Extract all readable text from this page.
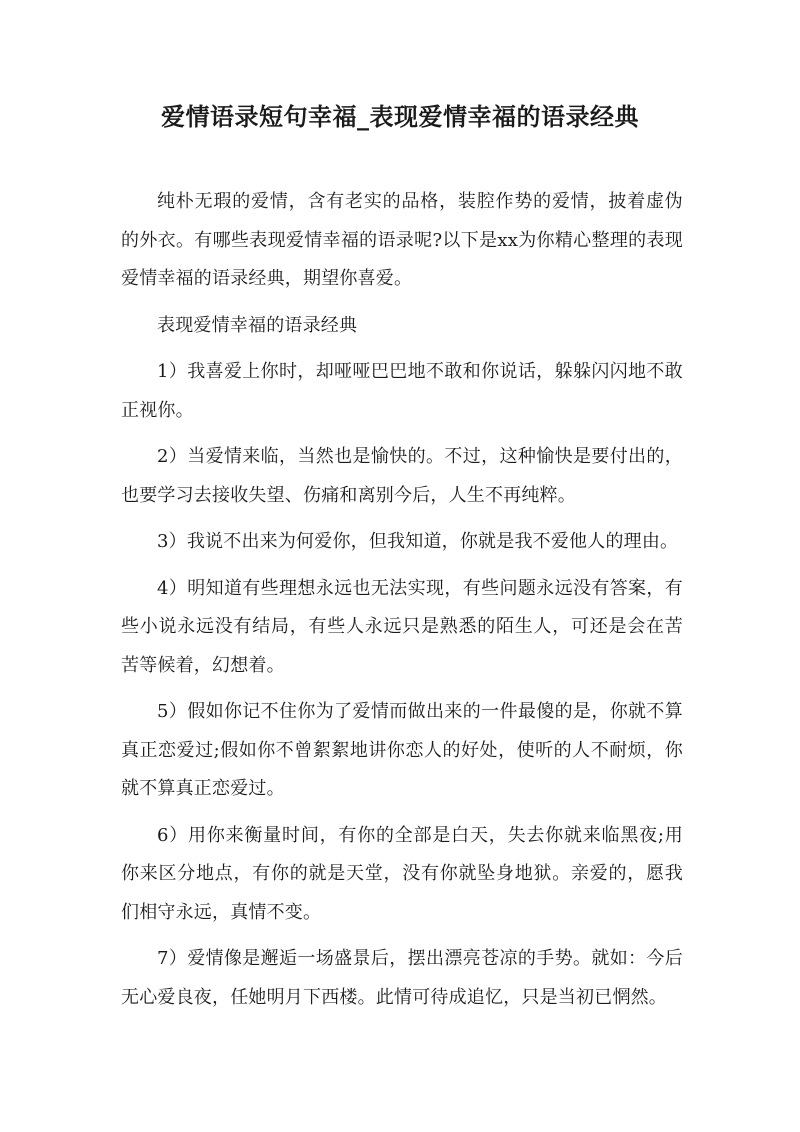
爱情语录短句幸福_表现爱情幸福的语录经典

纯朴无瑕的爱情，含有老实的品格，装腔作势的爱情，披着虚伪的外衣。有哪些表现爱情幸福的语录呢?以下是xx为你精心整理的表现爱情幸福的语录经典，期望你喜爱。

表现爱情幸福的语录经典

1）我喜爱上你时，却哑哑巴巴地不敢和你说话，躲躲闪闪地不敢正视你。

2）当爱情来临，当然也是愉快的。不过，这种愉快是要付出的，也要学习去接收失望、伤痛和离别今后，人生不再纯粹。

3）我说不出来为何爱你，但我知道，你就是我不爱他人的理由。

4）明知道有些理想永远也无法实现，有些问题永远没有答案，有些小说永远没有结局，有些人永远只是熟悉的陌生人，可还是会在苦苦等候着，幻想着。

5）假如你记不住你为了爱情而做出来的一件最傻的是，你就不算真正恋爱过;假如你不曾絮絮地讲你恋人的好处，使听的人不耐烦，你就不算真正恋爱过。

6）用你来衡量时间，有你的全部是白天，失去你就来临黑夜;用你来区分地点，有你的就是天堂，没有你就坠身地狱。亲爱的，愿我们相守永远，真情不变。

7）爱情像是邂逅一场盛景后，摆出漂亮苍凉的手势。就如：今后无心爱良夜，任她明月下西楼。此情可待成追忆，只是当初已惘然。
